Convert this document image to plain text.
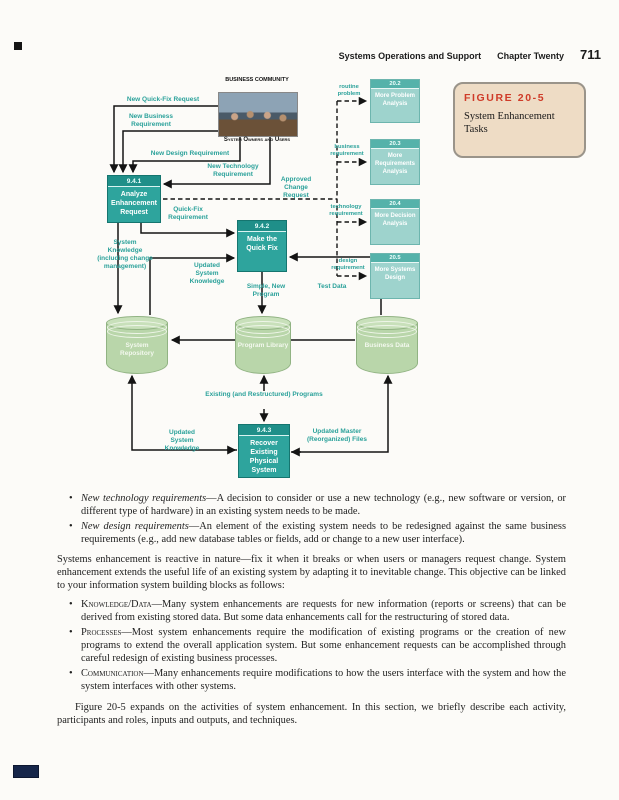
Systems Operations and Support Chapter Twenty 711
BUSINESS COMMUNITY
System Owners and Users
FIGURE 20-5
System Enhancement Tasks
9.4.1
Analyze Enhancement Request
9.4.2
Make the Quick Fix
9.4.3
Recover Existing Physical System
System Repository
Program Library	Business Data
20.2
More Problem Analysis
20.3
More Requirements Analysis
20.4
More Decision Analysis
20.5
More Systems Design
New Quick-Fix Request
New Business Requirement
New Design Requirement
New Technology Requirement
Quick-Fix Requirement
Approved Change Request
System Knowledge (including change management)	Updated System Knowledge
Simple, New Program
Test Data
Existing (and Restructured) Programs
Updated System Knowledge
Updated Master (Reorganized) Files
routine problem
business requirement
technology requirement
design requirement
• New technology requirements—A decision to consider or use a new technology (e.g., new software or version, or different type of hardware) in an existing system needs to be made.
• New design requirements—An element of the existing system needs to be redesigned against the same business requirements (e.g., add new database tables or fields, add or change to a new user interface).
Systems enhancement is reactive in nature—fix it when it breaks or when users or managers request change. System enhancement extends the useful life of an existing system by adapting it to inevitable change. This objective can be linked to your information system building blocks as follows:
• Knowledge/Data—Many system enhancements are requests for new information (reports or screens) that can be derived from existing stored data. But some data enhancements call for the restructuring of stored data.
• Processes—Most system enhancements require the modification of existing programs or the creation of new programs to extend the overall application system. But some enhancement requests can be accomplished through careful redesign of existing business processes.
• Communication—Many enhancements require modifications to how the users interface with the system and how the system interfaces with other systems.
Figure 20-5 expands on the activities of system enhancement. In this section, we briefly describe each activity, participants and roles, inputs and outputs, and techniques.
